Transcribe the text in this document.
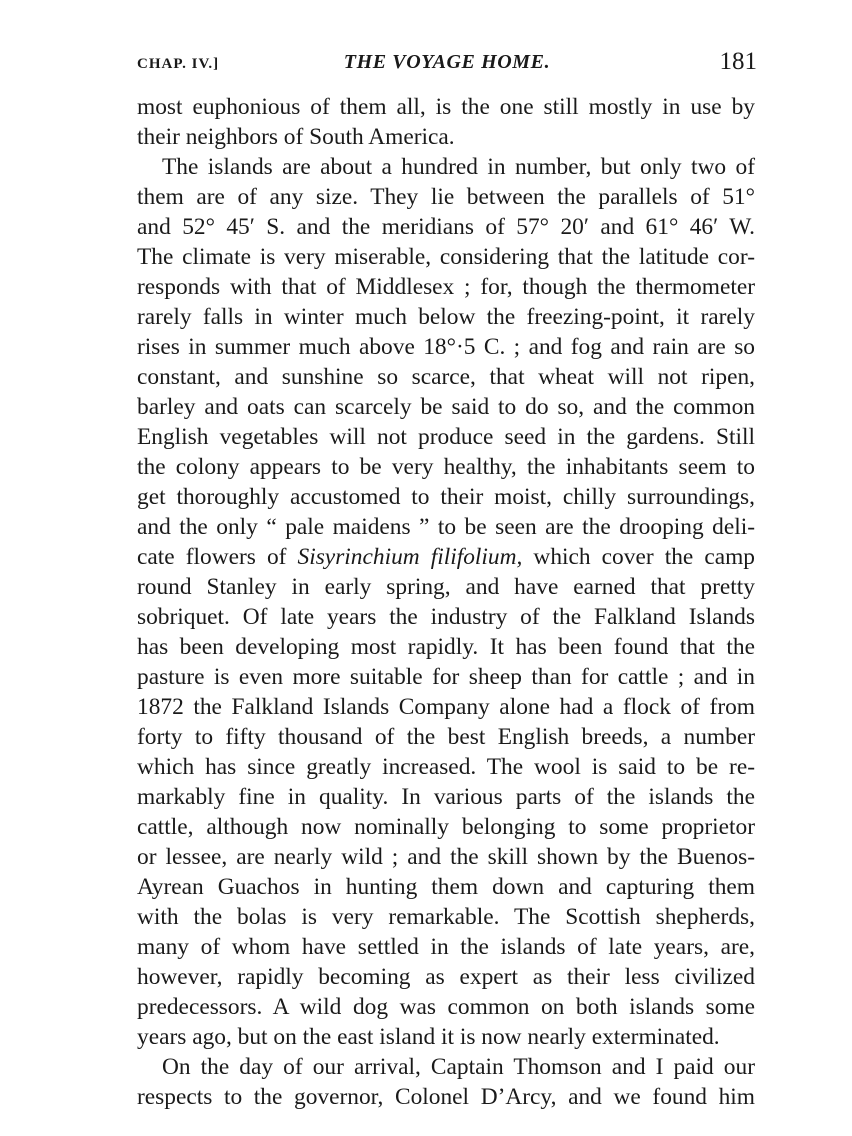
CHAP. IV.]	THE VOYAGE HOME.	181
most euphonious of them all, is the one still mostly in use by
their neighbors of South America.
The islands are about a hundred in number, but only two of
them are of any size. They lie between the parallels of 51°
and 52° 45′ S. and the meridians of 57° 20′ and 61° 46′ W.
The climate is very miserable, considering that the latitude cor-
responds with that of Middlesex ; for, though the thermometer
rarely falls in winter much below the freezing-point, it rarely
rises in summer much above 18°·5 C. ; and fog and rain are so
constant, and sunshine so scarce, that wheat will not ripen,
barley and oats can scarcely be said to do so, and the common
English vegetables will not produce seed in the gardens. Still
the colony appears to be very healthy, the inhabitants seem to
get thoroughly accustomed to their moist, chilly surroundings,
and the only “ pale maidens ” to be seen are the drooping deli-
cate flowers of Sisyrinchium filifolium, which cover the camp
round Stanley in early spring, and have earned that pretty
sobriquet. Of late years the industry of the Falkland Islands
has been developing most rapidly. It has been found that the
pasture is even more suitable for sheep than for cattle ; and in
1872 the Falkland Islands Company alone had a flock of from
forty to fifty thousand of the best English breeds, a number
which has since greatly increased. The wool is said to be re-
markably fine in quality. In various parts of the islands the
cattle, although now nominally belonging to some proprietor
or lessee, are nearly wild ; and the skill shown by the Buenos-
Ayrean Guachos in hunting them down and capturing them
with the bolas is very remarkable. The Scottish shepherds,
many of whom have settled in the islands of late years, are,
however, rapidly becoming as expert as their less civilized
predecessors. A wild dog was common on both islands some
years ago, but on the east island it is now nearly exterminated.
On the day of our arrival, Captain Thomson and I paid our
respects to the governor, Colonel D’Arcy, and we found him
